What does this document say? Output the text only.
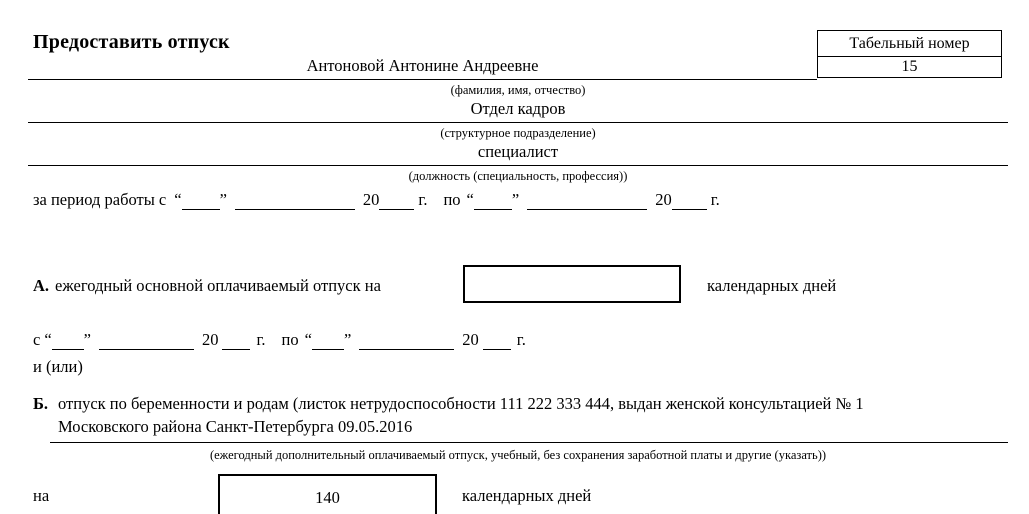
Предоставить отпуск	Табельный номер
15
Антоновой Антонине Андреевне
(фамилия, имя, отчество)
Отдел кадров
(структурное подразделение)
специалист
(должность (специальность, профессия))
за период работы с “ ”	20 г. по “ ”	20 г.
А. ежегодный основной оплачиваемый отпуск на	календарных дней
с “ ”	20 г. по “ ”	20 г.
и (или)
Б. отпуск по беременности и родам (листок нетрудоспособности 111 222 333 444, выдан женской консультацией № 1
Московского района Санкт-Петербурга 09.05.2016
(ежегодный дополнительный оплачиваемый отпуск, учебный, без сохранения заработной платы и другие (указать))
на	140	календарных дней
